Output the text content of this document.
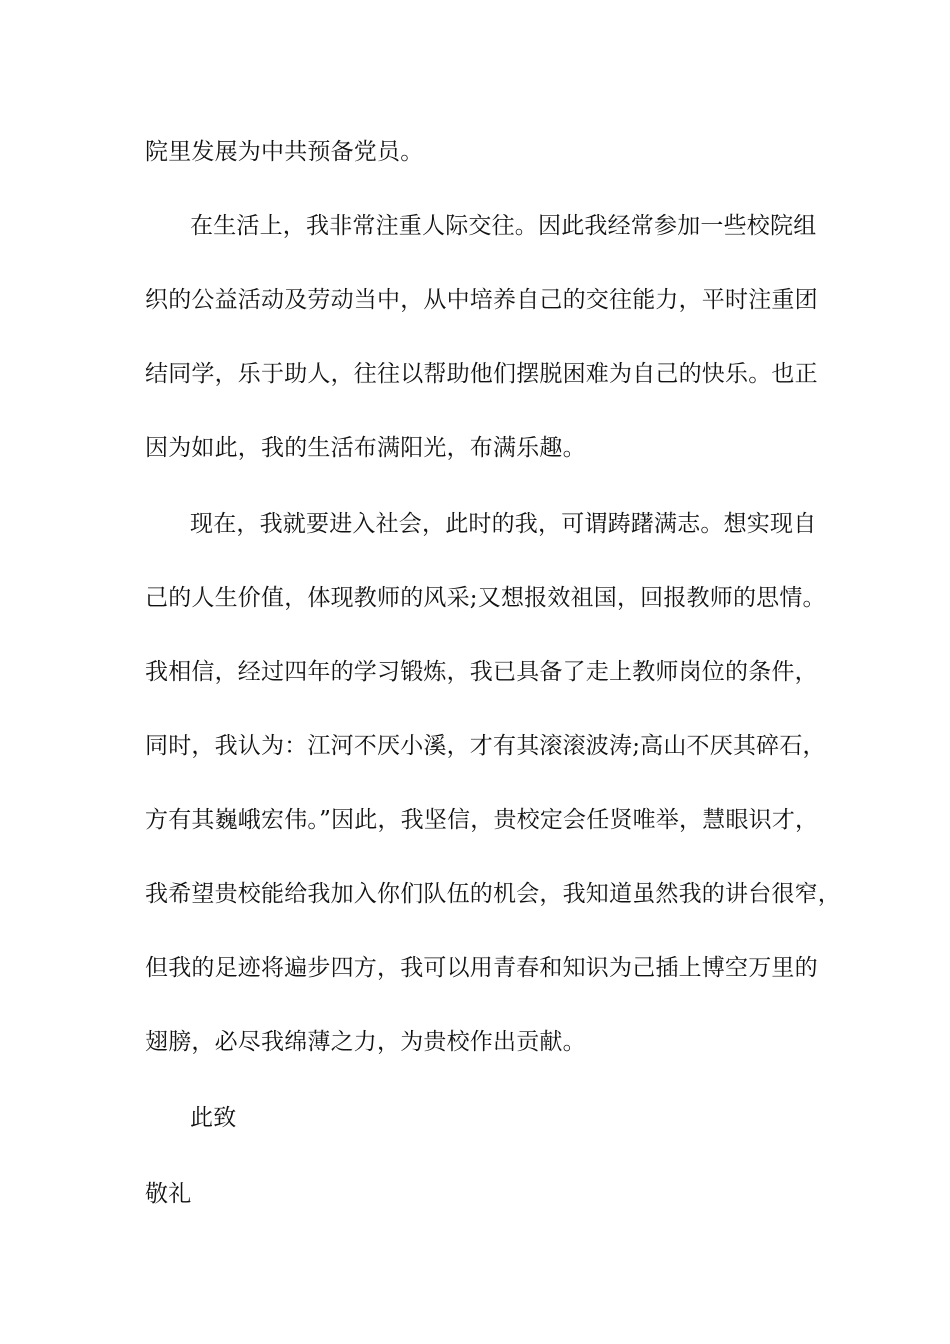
院里发展为中共预备党员。
在生活上，我非常注重人际交往。因此我经常参加一些校院组
织的公益活动及劳动当中，从中培养自己的交往能力，平时注重团
结同学，乐于助人，往往以帮助他们摆脱困难为自己的快乐。也正
因为如此，我的生活布满阳光，布满乐趣。
现在，我就要进入社会，此时的我，可谓踌躇满志。想实现自
己的人生价值，体现教师的风采;又想报效祖国，回报教师的思情。
我相信，经过四年的学习锻炼，我已具备了走上教师岗位的条件，
同时，我认为：江河不厌小溪，才有其滚滚波涛;高山不厌其碎石，
方有其巍峨宏伟。”因此，我坚信，贵校定会任贤唯举，慧眼识才，
我希望贵校能给我加入你们队伍的机会，我知道虽然我的讲台很窄，
但我的足迹将遍步四方，我可以用青春和知识为己插上博空万里的
翅膀，必尽我绵薄之力，为贵校作出贡献。
此致
敬礼
